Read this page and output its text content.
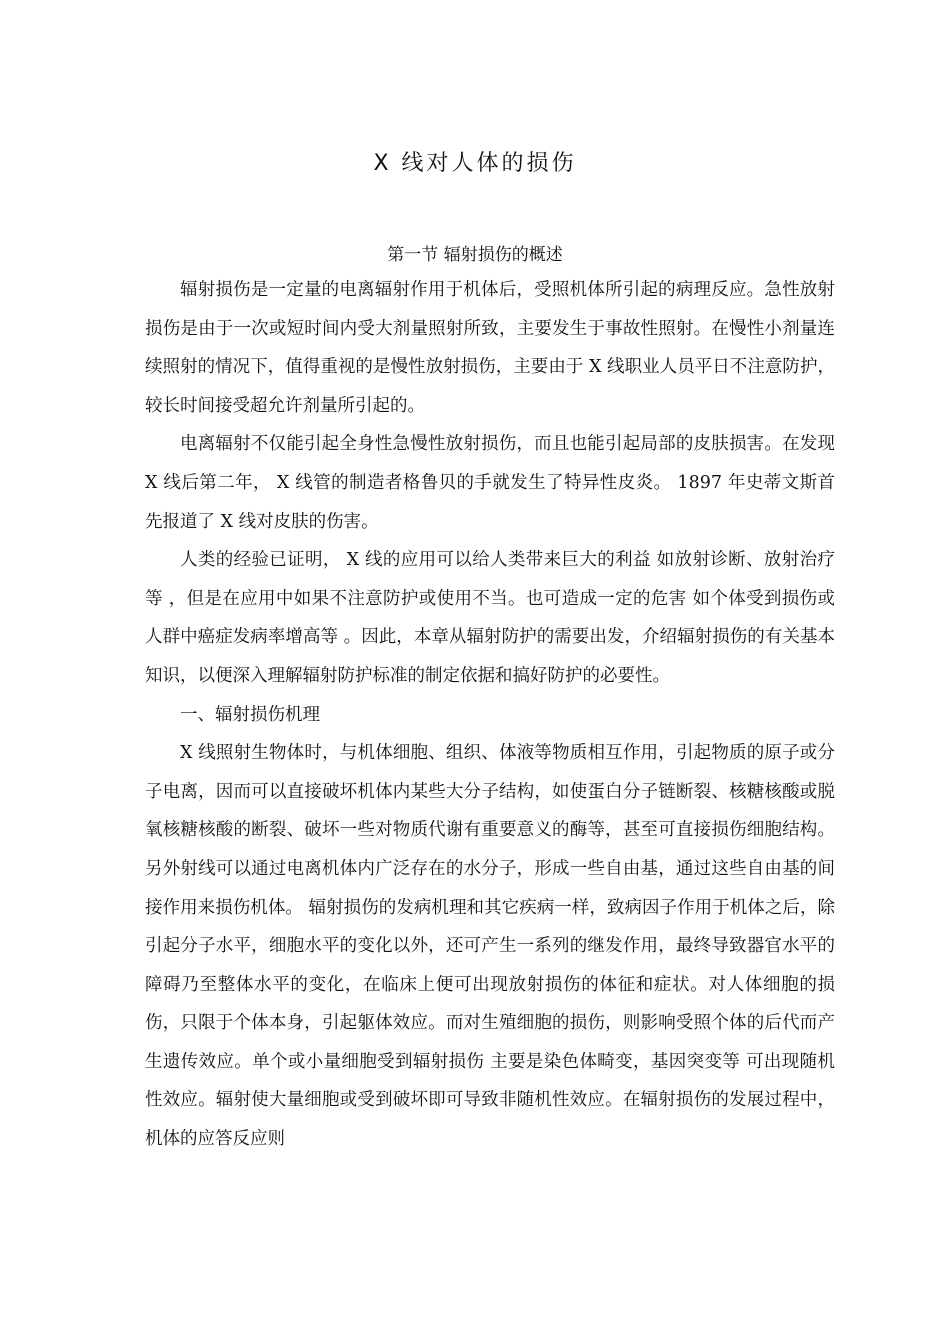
X 线对人体的损伤
第一节 辐射损伤的概述

辐射损伤是一定量的电离辐射作用于机体后，受照机体所引起的病理反应。急性放射损伤是由于一次或短时间内受大剂量照射所致，主要发生于事故性照射。在慢性小剂量连续照射的情况下，值得重视的是慢性放射损伤，主要由于 X 线职业人员平日不注意防护，较长时间接受超允许剂量所引起的。

电离辐射不仅能引起全身性急慢性放射损伤，而且也能引起局部的皮肤损害。在发现 X 线后第二年， X 线管的制造者格鲁贝的手就发生了特异性皮炎。 1897 年史蒂文斯首先报道了 X 线对皮肤的伤害。

人类的经验已证明， X 线的应用可以给人类带来巨大的利益 如放射诊断、放射治疗等 ，但是在应用中如果不注意防护或使用不当。也可造成一定的危害 如个体受到损伤或人群中癌症发病率增高等 。因此，本章从辐射防护的需要出发，介绍辐射损伤的有关基本知识，以便深入理解辐射防护标准的制定依据和搞好防护的必要性。

一、辐射损伤机理

X 线照射生物体时，与机体细胞、组织、体液等物质相互作用，引起物质的原子或分子电离，因而可以直接破坏机体内某些大分子结构，如使蛋白分子链断裂、核糖核酸或脱氧核糖核酸的断裂、破坏一些对物质代谢有重要意义的酶等，甚至可直接损伤细胞结构。另外射线可以通过电离机体内广泛存在的水分子，形成一些自由基，通过这些自由基的间接作用来损伤机体。 辐射损伤的发病机理和其它疾病一样，致病因子作用于机体之后，除引起分子水平，细胞水平的变化以外，还可产生一系列的继发作用，最终导致器官水平的障碍乃至整体水平的变化，在临床上便可出现放射损伤的体征和症状。对人体细胞的损伤，只限于个体本身，引起躯体效应。而对生殖细胞的损伤，则影响受照个体的后代而产生遗传效应。单个或小量细胞受到辐射损伤 主要是染色体畸变，基因突变等 可出现随机性效应。辐射使大量细胞或受到破坏即可导致非随机性效应。在辐射损伤的发展过程中，机体的应答反应则
